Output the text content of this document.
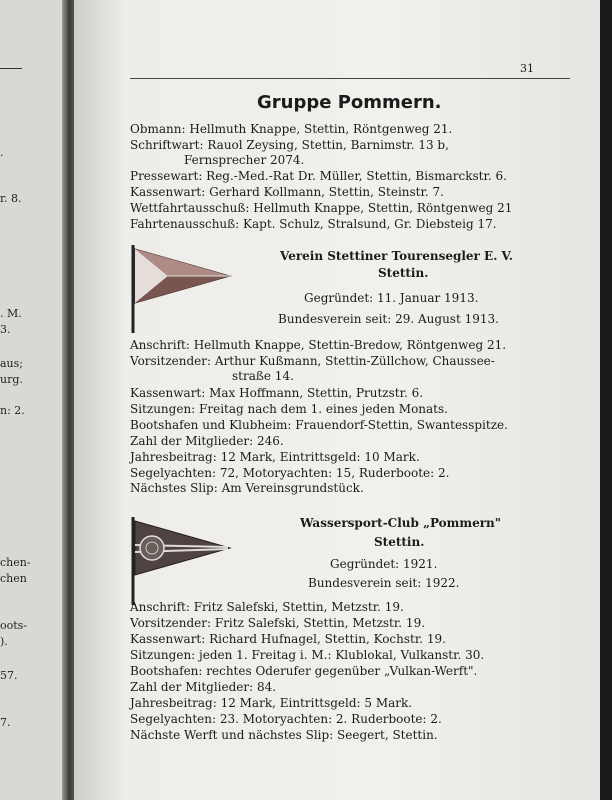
.
r. 8.
. M.
3.
aus;
urg.
n: 2.
chen-
chen
oots-
).
57.
7.
31
Gruppe Pommern.
Obmann: Hellmuth Knappe, Stettin, Röntgenweg 21.
Schriftwart: Rauol Zeysing, Stettin, Barnimstr. 13 b,
Fernsprecher 2074.
Pressewart: Reg.-Med.-Rat Dr. Müller, Stettin, Bismarckstr. 6.
Kassenwart: Gerhard Kollmann, Stettin, Steinstr. 7.
Wettfahrtausschuß: Hellmuth Knappe, Stettin, Röntgenweg 21
Fahrtenausschuß: Kapt. Schulz, Stralsund, Gr. Diebsteig 17.
Verein Stettiner Tourensegler E. V.
Stettin.
Gegründet: 11. Januar 1913.
Bundesverein seit: 29. August 1913.
Anschrift: Hellmuth Knappe, Stettin-Bredow, Röntgenweg 21.
Vorsitzender: Arthur Kußmann, Stettin-Züllchow, Chaussee-
straße 14.
Kassenwart: Max Hoffmann, Stettin, Prutzstr. 6.
Sitzungen: Freitag nach dem 1. eines jeden Monats.
Bootshafen und Klubheim: Frauendorf-Stettin, Swantesspitze.
Zahl der Mitglieder: 246.
Jahresbeitrag: 12 Mark, Eintrittsgeld: 10 Mark.
Segelyachten: 72, Motoryachten: 15, Ruderboote: 2.
Nächstes Slip: Am Vereinsgrundstück.
Wassersport-Club „Pommern"
Stettin.
Gegründet: 1921.
Bundesverein seit: 1922.
Anschrift: Fritz Salefski, Stettin, Metzstr. 19.
Vorsitzender: Fritz Salefski, Stettin, Metzstr. 19.
Kassenwart: Richard Hufnagel, Stettin, Kochstr. 19.
Sitzungen: jeden 1. Freitag i. M.: Klublokal, Vulkanstr. 30.
Bootshafen: rechtes Oderufer gegenüber „Vulkan-Werft".
Zahl der Mitglieder: 84.
Jahresbeitrag: 12 Mark, Eintrittsgeld: 5 Mark.
Segelyachten: 23. Motoryachten: 2. Ruderboote: 2.
Nächste Werft und nächstes Slip: Seegert, Stettin.
